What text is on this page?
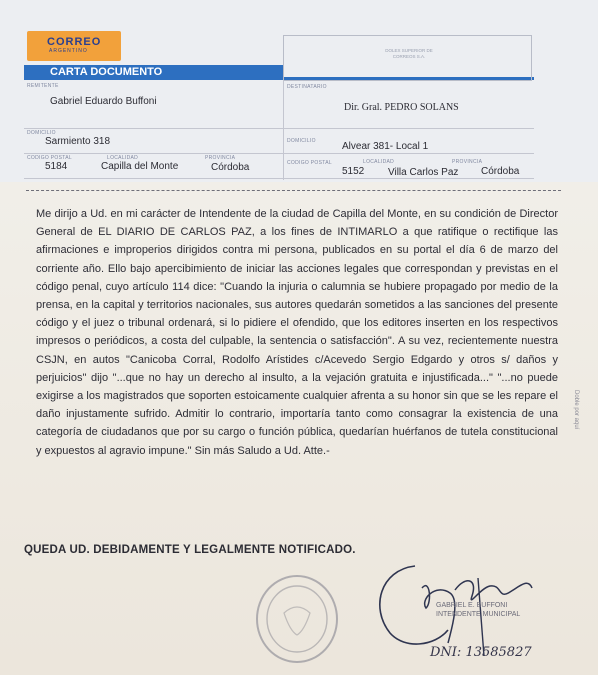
CORREO
ARGENTINO
CARTA DOCUMENTO
DOLEX SUPERIOR DE CORREOS S.A.
REMITENTE
Gabriel Eduardo Buffoni
DOMICILIO
Sarmiento 318
CODIGO POSTAL
5184
LOCALIDAD
Capilla del Monte
PROVINCIA
Córdoba
DESTINATARIO
Dir. Gral. PEDRO SOLANS
DOMICILIO	Alvear 381- Local 1
CODIGO POSTAL
5152
LOCALIDAD
Villa Carlos Paz
PROVINCIA
Córdoba
Me dirijo a Ud. en mi carácter de Intendente de la ciudad de Capilla del Monte, en su condición de Director General de EL DIARIO DE CARLOS PAZ, a los fines de INTIMARLO a que ratifique o rectifique las afirmaciones e improperios dirigidos contra mi persona, publicados en su portal el día 6 de marzo del corriente año. Ello bajo apercibimiento de iniciar las acciones legales que correspondan y previstas en el código penal, cuyo artículo 114 dice: "Cuando la injuria o calumnia se hubiere propagado por medio de la prensa, en la capital y territorios nacionales, sus autores quedarán sometidos a las sanciones del presente código y el juez o tribunal ordenará, si lo pidiere el ofendido, que los editores inserten en los respectivos impresos o periódicos, a costa del culpable, la sentencia o satisfacción". A su vez, recientemente nuestra CSJN, en autos "Canicoba Corral, Rodolfo Arístides c/Acevedo Sergio Edgardo y otros s/ daños y perjuicios" dijo "...que no hay un derecho al insulto, a la vejación gratuita e injustificada..." "...no puede exigirse a los magistrados que soporten estoicamente cualquier afrenta a su honor sin que se les repare el daño injustamente sufrido. Admitir lo contrario, importaría tanto como consagrar la existencia de una categoría de ciudadanos que por su cargo o función pública, quedarían huérfanos de tutela constitucional y expuestos al agravio impune." Sin más Saludo a Ud. Atte.-
QUEDA UD. DEBIDAMENTE Y LEGALMENTE NOTIFICADO.
Doble por aquí
GABRIEL E. BUFFONI
INTENDENTE MUNICIPAL
DNI: 13585827
